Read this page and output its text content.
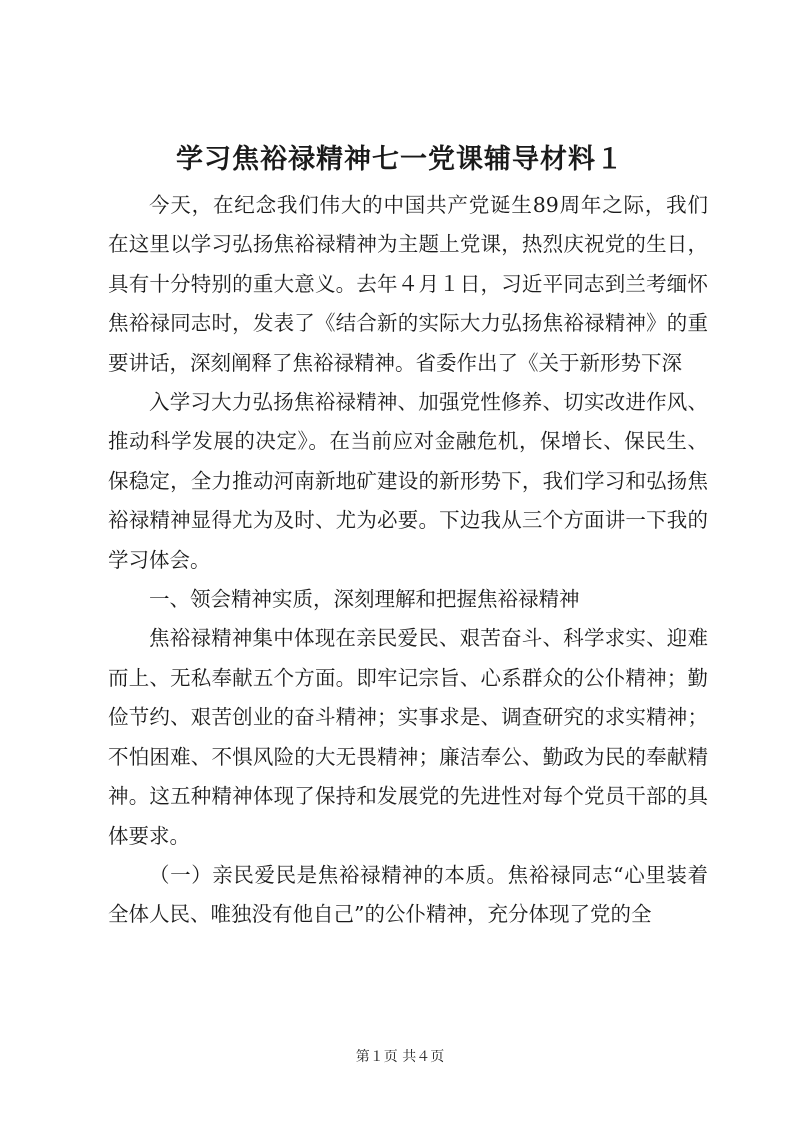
学习焦裕禄精神七一党课辅导材料１

今天，在纪念我们伟大的中国共产党诞生89周年之际，我们在这里以学习弘扬焦裕禄精神为主题上党课，热烈庆祝党的生日，具有十分特别的重大意义。去年４月１日，习近平同志到兰考缅怀焦裕禄同志时，发表了《结合新的实际大力弘扬焦裕禄精神》的重要讲话，深刻阐释了焦裕禄精神。省委作出了《关于新形势下深

入学习大力弘扬焦裕禄精神、加强党性修养、切实改进作风、推动科学发展的决定》。在当前应对金融危机，保增长、保民生、保稳定，全力推动河南新地矿建设的新形势下，我们学习和弘扬焦裕禄精神显得尤为及时、尤为必要。下边我从三个方面讲一下我的学习体会。

一、领会精神实质，深刻理解和把握焦裕禄精神

焦裕禄精神集中体现在亲民爱民、艰苦奋斗、科学求实、迎难而上、无私奉献五个方面。即牢记宗旨、心系群众的公仆精神；勤俭节约、艰苦创业的奋斗精神；实事求是、调查研究的求实精神；不怕困难、不惧风险的大无畏精神；廉洁奉公、勤政为民的奉献精神。这五种精神体现了保持和发展党的先进性对每个党员干部的具体要求。

（一）亲民爱民是焦裕禄精神的本质。焦裕禄同志“心里装着全体人民、唯独没有他自己”的公仆精神，充分体现了党的全

第１页 共４页
